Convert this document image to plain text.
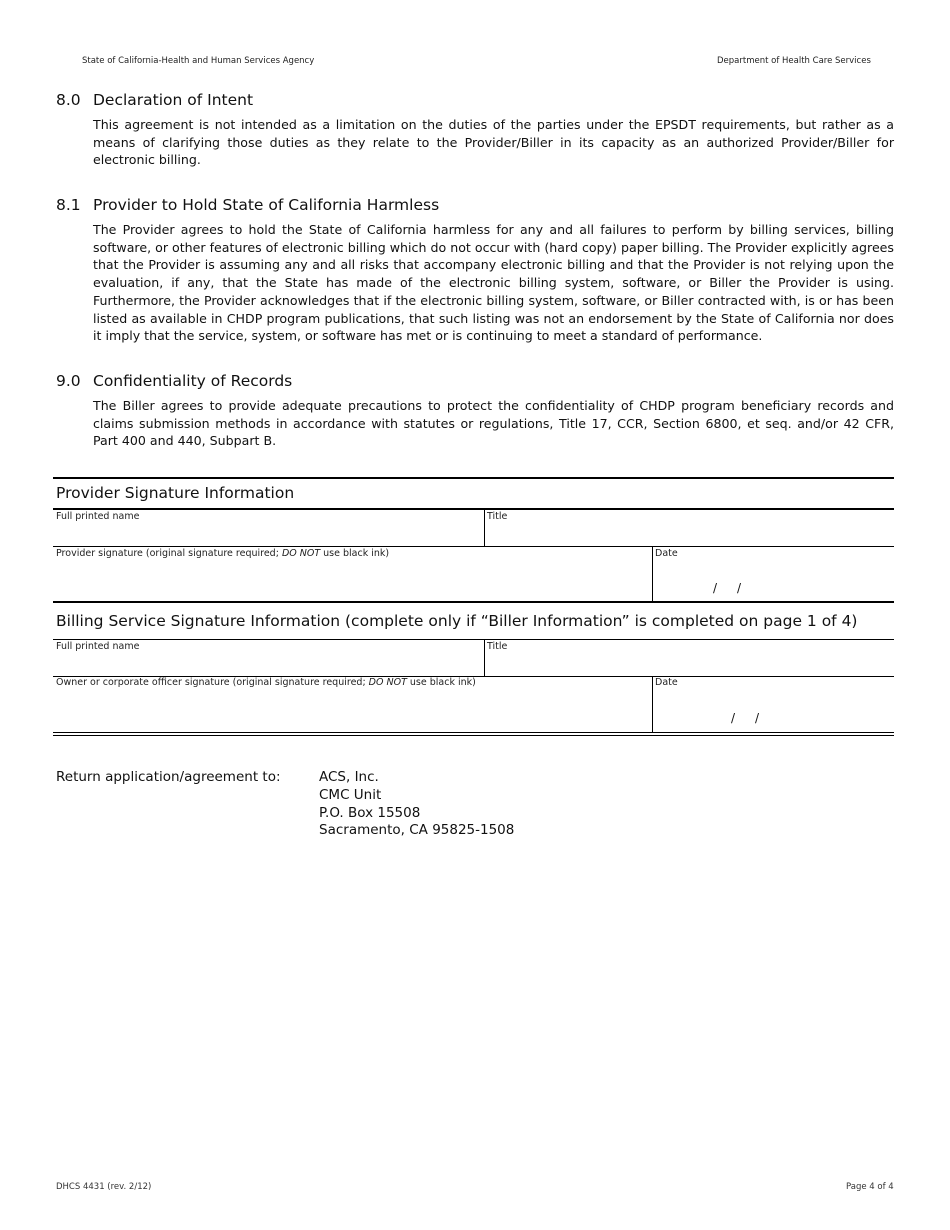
State of California-Health and Human Services Agency	Department of Health Care Services
8.0 Declaration of Intent
This agreement is not intended as a limitation on the duties of the parties under the EPSDT requirements, but rather as a means of clarifying those duties as they relate to the Provider/Biller in its capacity as an authorized Provider/Biller for electronic billing.
8.1 Provider to Hold State of California Harmless
The Provider agrees to hold the State of California harmless for any and all failures to perform by billing services, billing software, or other features of electronic billing which do not occur with (hard copy) paper billing. The Provider explicitly agrees that the Provider is assuming any and all risks that accompany electronic billing and that the Provider is not relying upon the evaluation, if any, that the State has made of the electronic billing system, software, or Biller the Provider is using. Furthermore, the Provider acknowledges that if the electronic billing system, software, or Biller contracted with, is or has been listed as available in CHDP program publications, that such listing was not an endorsement by the State of California nor does it imply that the service, system, or software has met or is continuing to meet a standard of performance.
9.0 Confidentiality of Records
The Biller agrees to provide adequate precautions to protect the confidentiality of CHDP program beneficiary records and claims submission methods in accordance with statutes or regulations, Title 17, CCR, Section 6800, et seq. and/or 42 CFR, Part 400 and 440, Subpart B.
Provider Signature Information
Full printed name	Title
Provider signature (original signature required; DO NOT use black ink)	Date
/ /
Billing Service Signature Information (complete only if “Biller Information” is completed on page 1 of 4)
Full printed name	Title
Owner or corporate officer signature (original signature required; DO NOT use black ink)	Date
/ /
Return application/agreement to:	ACS, Inc.
CMC Unit
P.O. Box 15508
Sacramento, CA 95825-1508
DHCS 4431 (rev. 2/12)	Page 4 of 4
